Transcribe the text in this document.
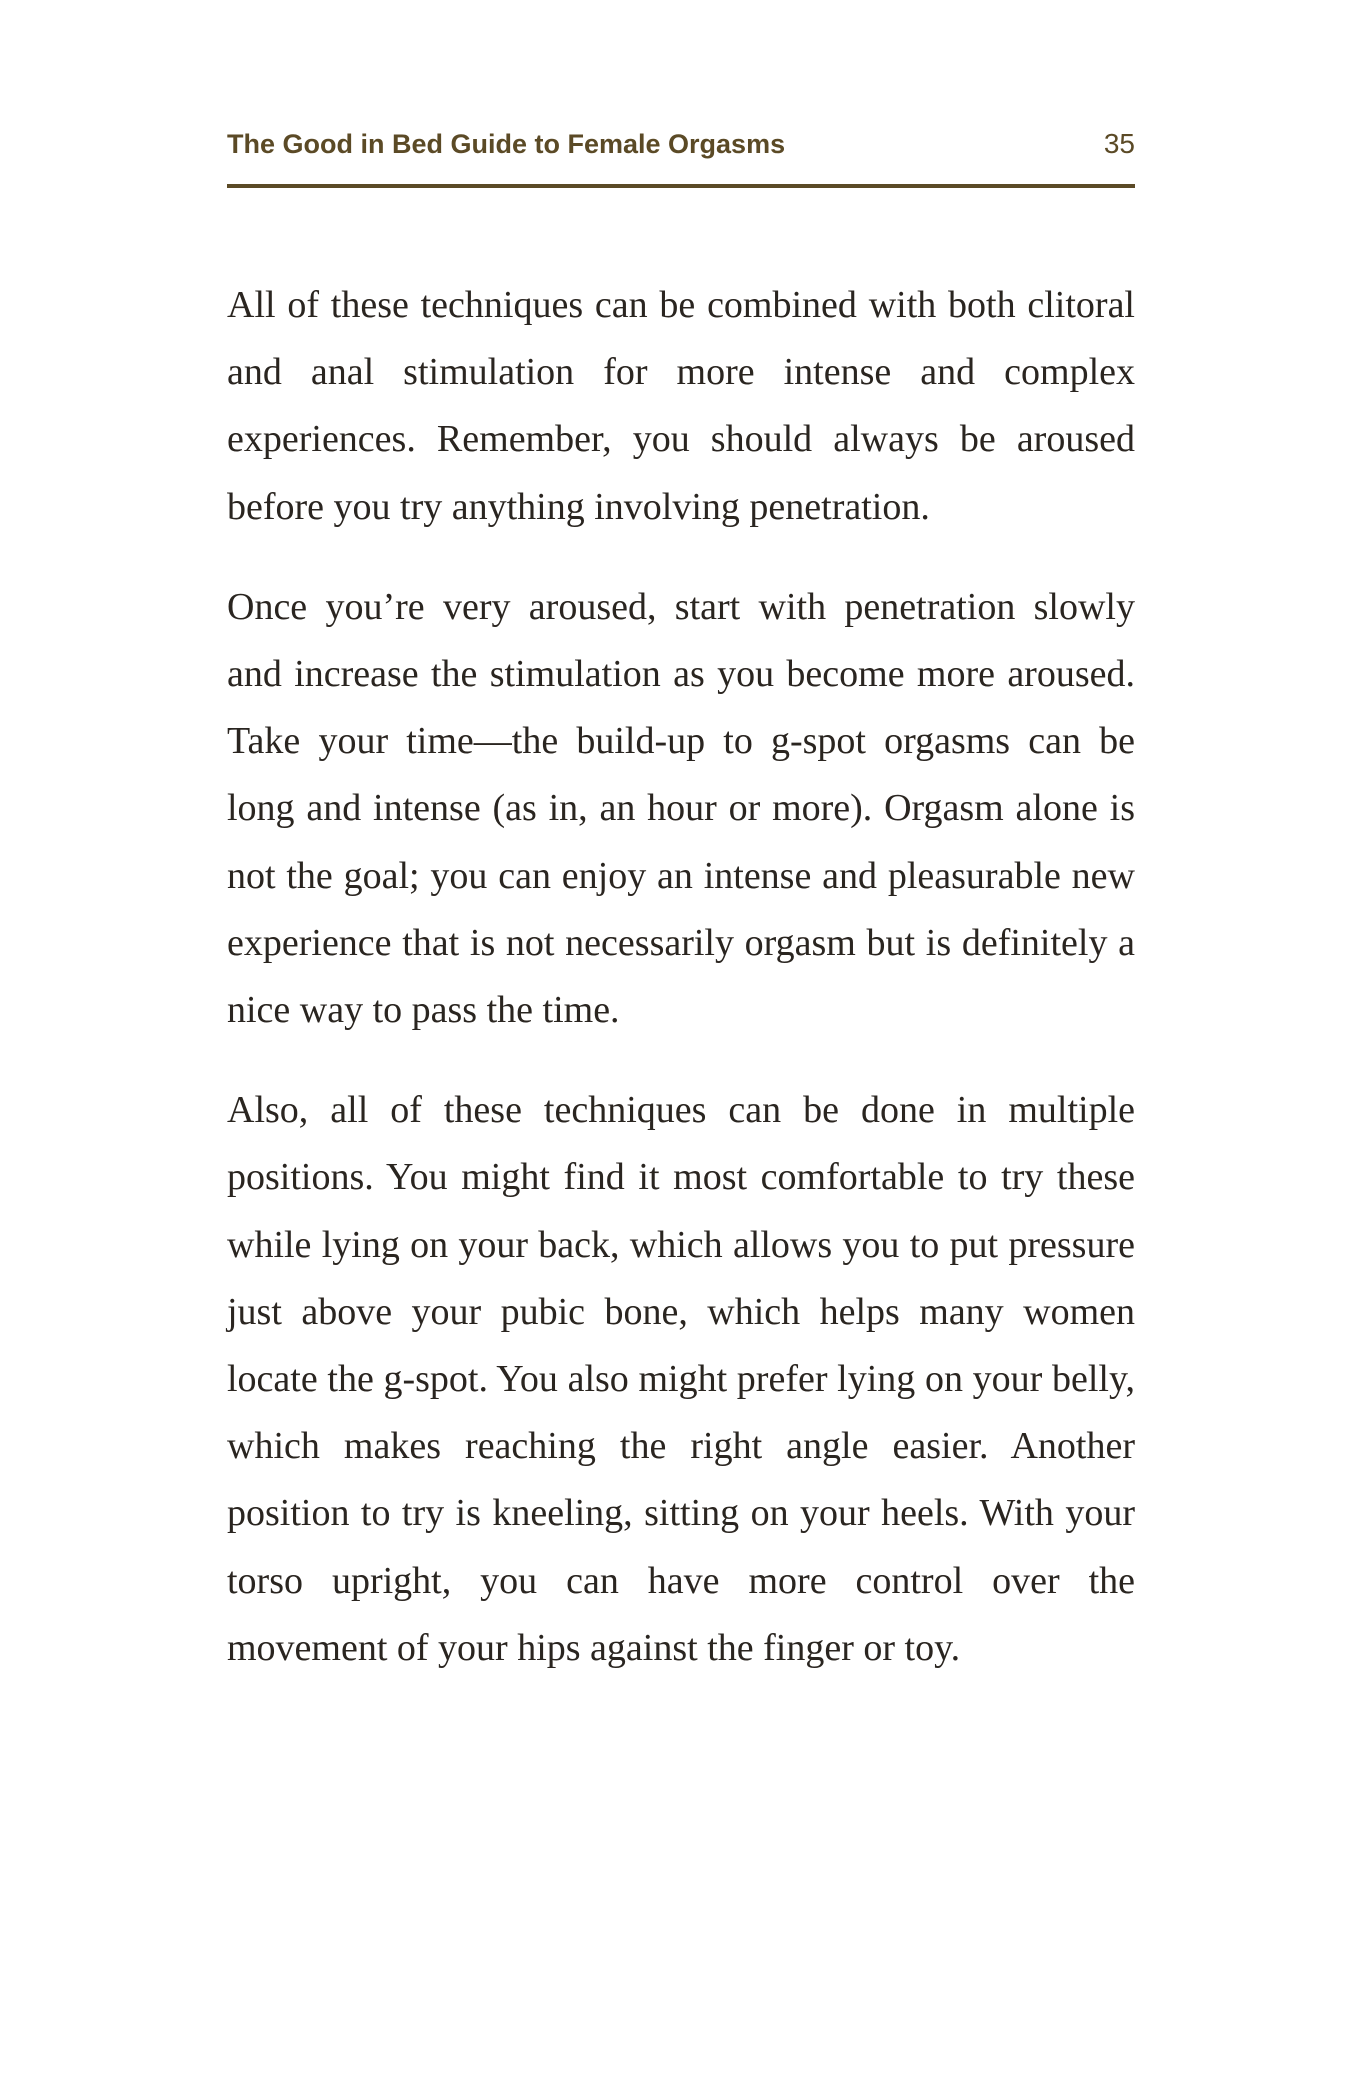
The Good in Bed Guide to Female Orgasms	35

All of these techniques can be combined with both clitoral and anal stimulation for more intense and complex experiences. Remember, you should always be aroused before you try anything involving penetration.

Once you’re very aroused, start with penetration slowly and increase the stimulation as you become more aroused. Take your time—the build-up to g-spot orgasms can be long and intense (as in, an hour or more). Orgasm alone is not the goal; you can enjoy an intense and pleasurable new experience that is not necessarily orgasm but is definitely a nice way to pass the time.

Also, all of these techniques can be done in multiple positions. You might find it most comfortable to try these while lying on your back, which allows you to put pressure just above your pubic bone, which helps many women locate the g-spot. You also might prefer lying on your belly, which makes reaching the right angle easier. Another position to try is kneeling, sitting on your heels. With your torso upright, you can have more control over the movement of your hips against the finger or toy.
